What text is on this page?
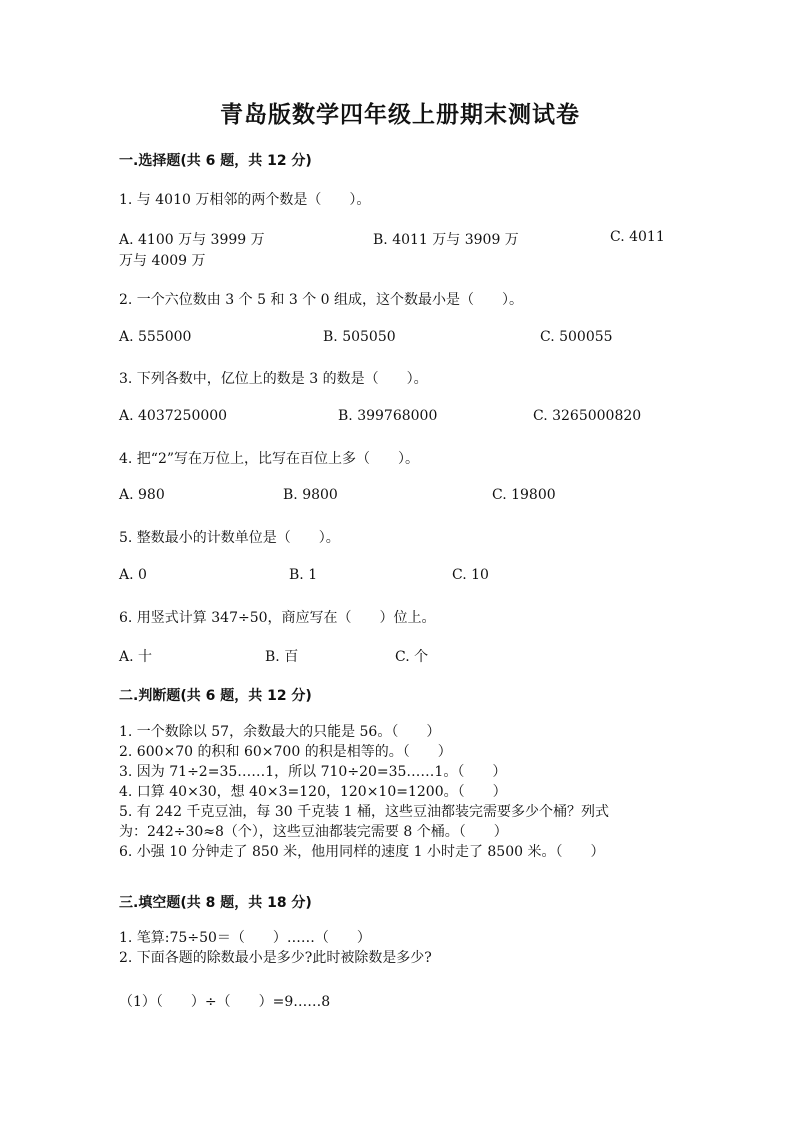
青岛版数学四年级上册期末测试卷
一.选择题(共 6 题，共 12 分)
1. 与 4010 万相邻的两个数是（　　）。
A. 4100 万与 3999 万	B. 4011 万与 3909 万	C. 4011
万与 4009 万
2. 一个六位数由 3 个 5 和 3 个 0 组成，这个数最小是（　　）。
A. 555000	B. 505050	C. 500055
3. 下列各数中，亿位上的数是 3 的数是（　　）。
A. 4037250000	B. 399768000	C. 3265000820
4. 把“2”写在万位上，比写在百位上多（　　）。
A. 980	B. 9800	C. 19800
5. 整数最小的计数单位是（　　）。
A. 0	B. 1	C. 10
6. 用竖式计算 347÷50，商应写在（　　）位上。
A. 十	B. 百	C. 个
二.判断题(共 6 题，共 12 分)
1. 一个数除以 57，余数最大的只能是 56。（　　）
2. 600×70 的积和 60×700 的积是相等的。（　　）
3. 因为 71÷2=35……1，所以 710÷20=35……1。（　　）
4. 口算 40×30，想 40×3=120，120×10=1200。（　　）
5. 有 242 千克豆油，每 30 千克装 1 桶，这些豆油都装完需要多少个桶？列式
为：242÷30≈8（个），这些豆油都装完需要 8 个桶。（　　）
6. 小强 10 分钟走了 850 米，他用同样的速度 1 小时走了 8500 米。（　　）
三.填空题(共 8 题，共 18 分)
1. 笔算:75÷50＝（　　）……（　　）
2. 下面各题的除数最小是多少?此时被除数是多少?
（1）（　　）÷（　　）=9……8
